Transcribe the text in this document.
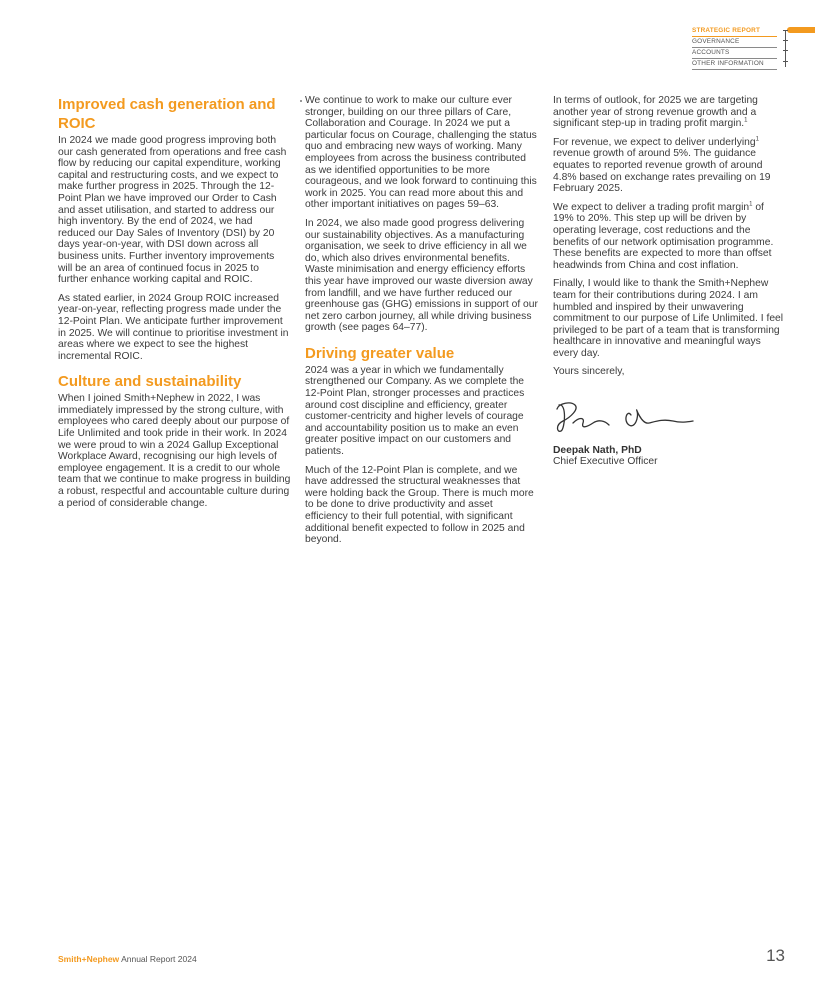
STRATEGIC REPORT
GOVERNANCE
ACCOUNTS
OTHER INFORMATION
Improved cash generation and ROIC

In 2024 we made good progress improving both our cash generated from operations and free cash flow by reducing our capital expenditure, working capital and restructuring costs, and we expect to make further progress in 2025. Through the 12-Point Plan we have improved our Order to Cash and asset utilisation, and started to address our high inventory. By the end of 2024, we had reduced our Day Sales of Inventory (DSI) by 20 days year-on-year, with DSI down across all business units. Further inventory improvements will be an area of continued focus in 2025 to further enhance working capital and ROIC.

As stated earlier, in 2024 Group ROIC increased year-on-year, reflecting progress made under the 12-Point Plan. We anticipate further improvement in 2025. We will continue to prioritise investment in areas where we expect to see the highest incremental ROIC.

Culture and sustainability

When I joined Smith+Nephew in 2022, I was immediately impressed by the strong culture, with employees who cared deeply about our purpose of Life Unlimited and took pride in their work. In 2024 we were proud to win a 2024 Gallup Exceptional Workplace Award, recognising our high levels of employee engagement. It is a credit to our whole team that we continue to make progress in building a robust, respectful and accountable culture during a period of considerable change.

We continue to work to make our culture ever stronger, building on our three pillars of Care, Collaboration and Courage. In 2024 we put a particular focus on Courage, challenging the status quo and embracing new ways of working. Many employees from across the business contributed as we identified opportunities to be more courageous, and we look forward to continuing this work in 2025. You can read more about this and other important initiatives on pages 59–63.

In 2024, we also made good progress delivering our sustainability objectives. As a manufacturing organisation, we seek to drive efficiency in all we do, which also drives environmental benefits. Waste minimisation and energy efficiency efforts this year have improved our waste diversion away from landfill, and we have further reduced our greenhouse gas (GHG) emissions in support of our net zero carbon journey, all while driving business growth (see pages 64–77).

Driving greater value

2024 was a year in which we fundamentally strengthened our Company. As we complete the 12-Point Plan, stronger processes and practices around cost discipline and efficiency, greater customer-centricity and higher levels of courage and accountability position us to make an even greater positive impact on our customers and patients.

Much of the 12-Point Plan is complete, and we have addressed the structural weaknesses that were holding back the Group. There is much more to be done to drive productivity and asset efficiency to their full potential, with significant additional benefit expected to follow in 2025 and beyond.

In terms of outlook, for 2025 we are targeting another year of strong revenue growth and a significant step-up in trading profit margin.$^1$

For revenue, we expect to deliver underlying$^1$ revenue growth of around 5%. The guidance equates to reported revenue growth of around 4.8% based on exchange rates prevailing on 19 February 2025.

We expect to deliver a trading profit margin$^1$ of 19% to 20%. This step up will be driven by operating leverage, cost reductions and the benefits of our network optimisation programme. These benefits are expected to more than offset headwinds from China and cost inflation.

Finally, I would like to thank the Smith+Nephew team for their contributions during 2024. I am humbled and inspired by their unwavering commitment to our purpose of Life Unlimited. I feel privileged to be part of a team that is transforming healthcare in innovative and meaningful ways every day.

Yours sincerely,

Deepak Nath, PhD

Chief Executive Officer

Smith+Nephew Annual Report 2024	13
